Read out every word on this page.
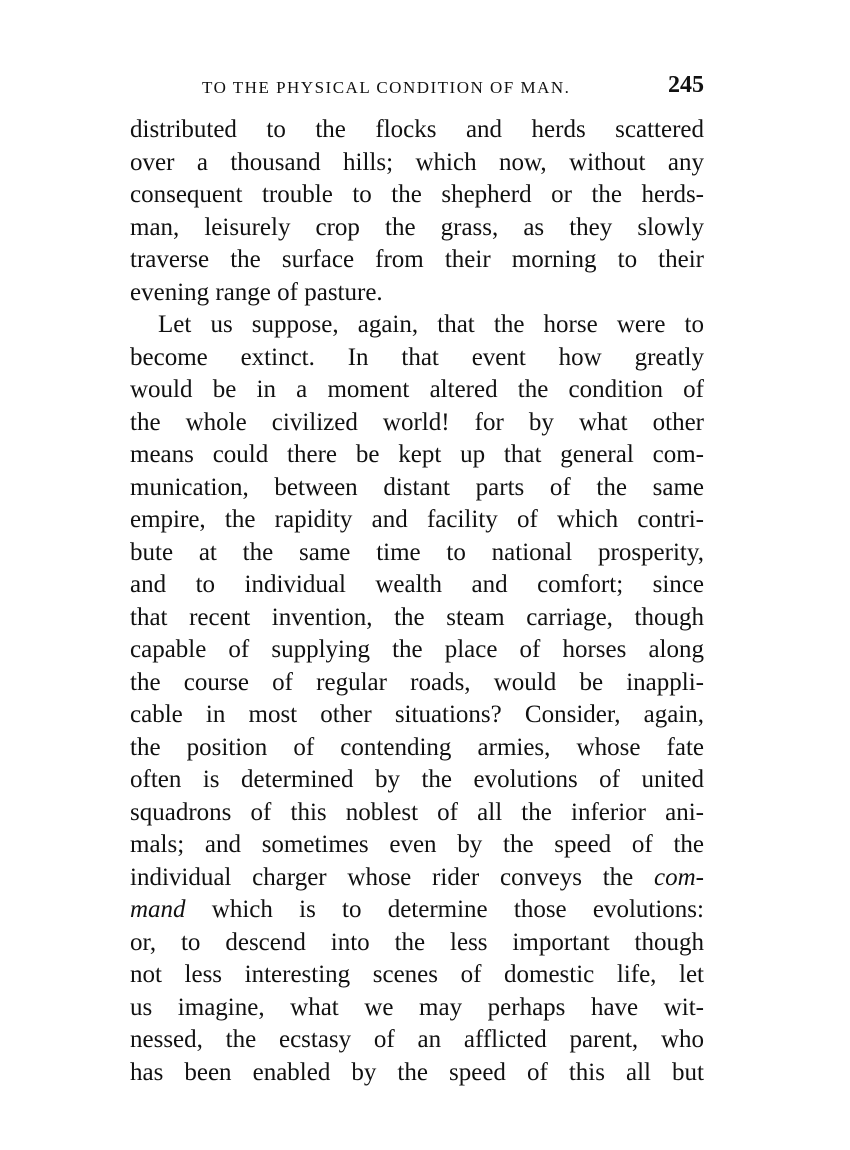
TO THE PHYSICAL CONDITION OF MAN.	245
distributed to the flocks and herds scattered
over a thousand hills; which now, without any
consequent trouble to the shepherd or the herds-
man, leisurely crop the grass, as they slowly
traverse the surface from their morning to their
evening range of pasture.
Let us suppose, again, that the horse were to
become extinct. In that event how greatly
would be in a moment altered the condition of
the whole civilized world! for by what other
means could there be kept up that general com-
munication, between distant parts of the same
empire, the rapidity and facility of which contri-
bute at the same time to national prosperity,
and to individual wealth and comfort; since
that recent invention, the steam carriage, though
capable of supplying the place of horses along
the course of regular roads, would be inappli-
cable in most other situations? Consider, again,
the position of contending armies, whose fate
often is determined by the evolutions of united
squadrons of this noblest of all the inferior ani-
mals; and sometimes even by the speed of the
individual charger whose rider conveys the com-
mand which is to determine those evolutions:
or, to descend into the less important though
not less interesting scenes of domestic life, let
us imagine, what we may perhaps have wit-
nessed, the ecstasy of an afflicted parent, who
has been enabled by the speed of this all but
